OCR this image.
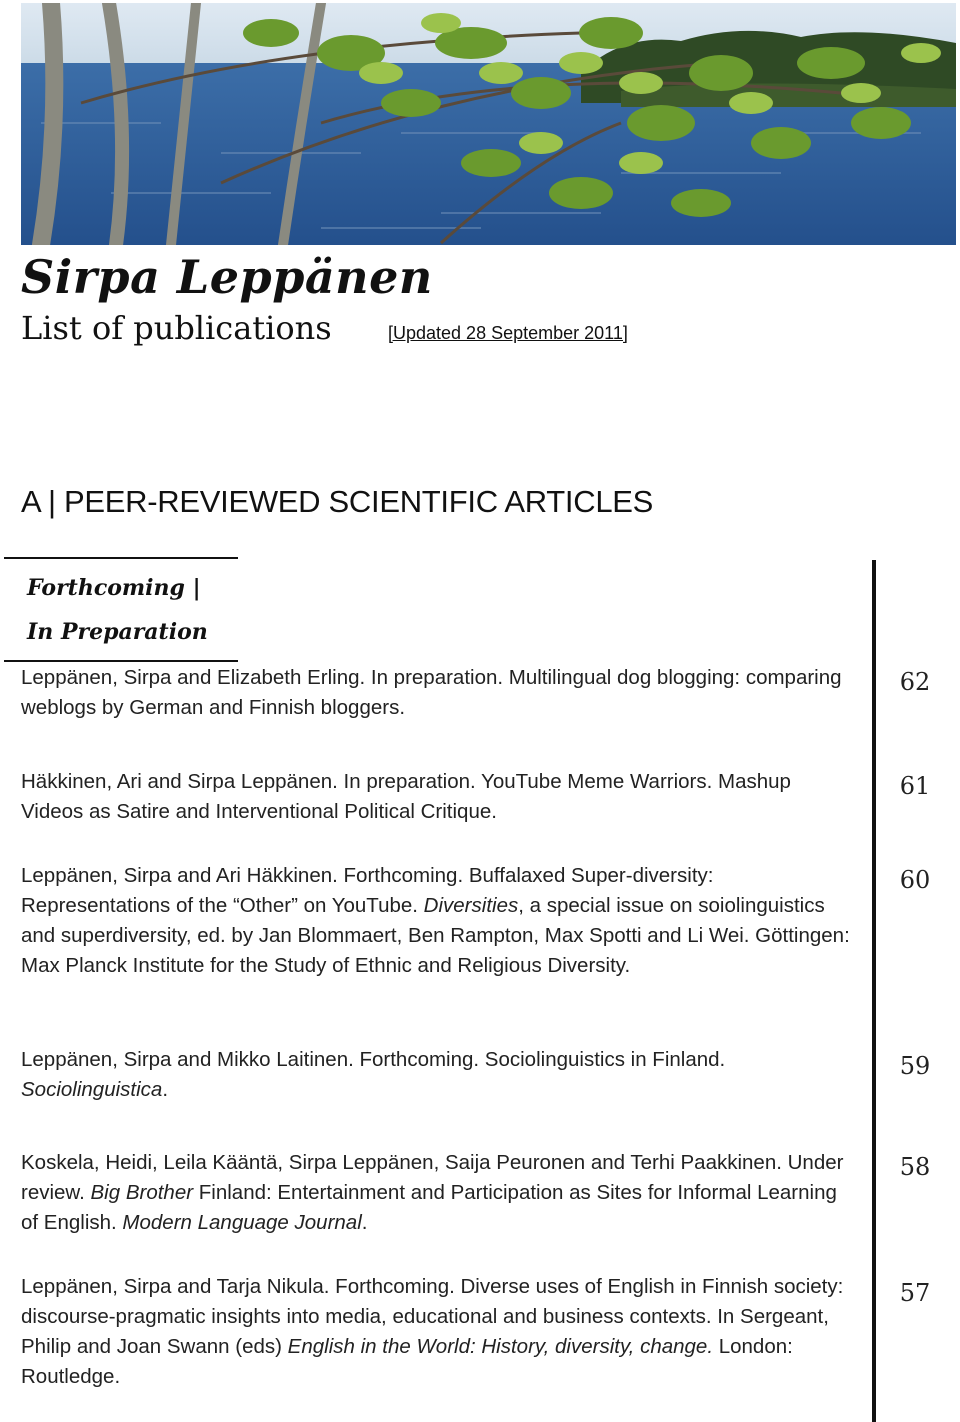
Sirpa Leppänen
List of publications	[Updated 28 September 2011]
A | PEER-REVIEWED SCIENTIFIC ARTICLES
Forthcoming |
In Preparation
Leppänen, Sirpa and Elizabeth Erling. In preparation. Multilingual dog blogging: comparing weblogs by German and Finnish bloggers.
62
Häkkinen, Ari and Sirpa Leppänen. In preparation. YouTube Meme Warriors. Mashup Videos as Satire and Interventional Political Critique.
61
Leppänen, Sirpa and Ari Häkkinen. Forthcoming. Buffalaxed Super-diversity: Representations of the “Other” on YouTube. Diversities, a special issue on soiolinguistics and superdiversity, ed. by Jan Blommaert, Ben Rampton, Max Spotti and Li Wei. Göttingen: Max Planck Institute for the Study of Ethnic and Religious Diversity.
60
Leppänen, Sirpa and Mikko Laitinen. Forthcoming. Sociolinguistics in Finland. Sociolinguistica.
59
Koskela, Heidi, Leila Kääntä, Sirpa Leppänen, Saija Peuronen and Terhi Paakkinen. Under review. Big Brother Finland: Entertainment and Participation as Sites for Informal Learning of English. Modern Language Journal.
58
Leppänen, Sirpa and Tarja Nikula. Forthcoming. Diverse uses of English in Finnish society: discourse-pragmatic insights into media, educational and business contexts. In Sergeant, Philip and Joan Swann (eds) English in the World: History, diversity, change. London: Routledge.
57
